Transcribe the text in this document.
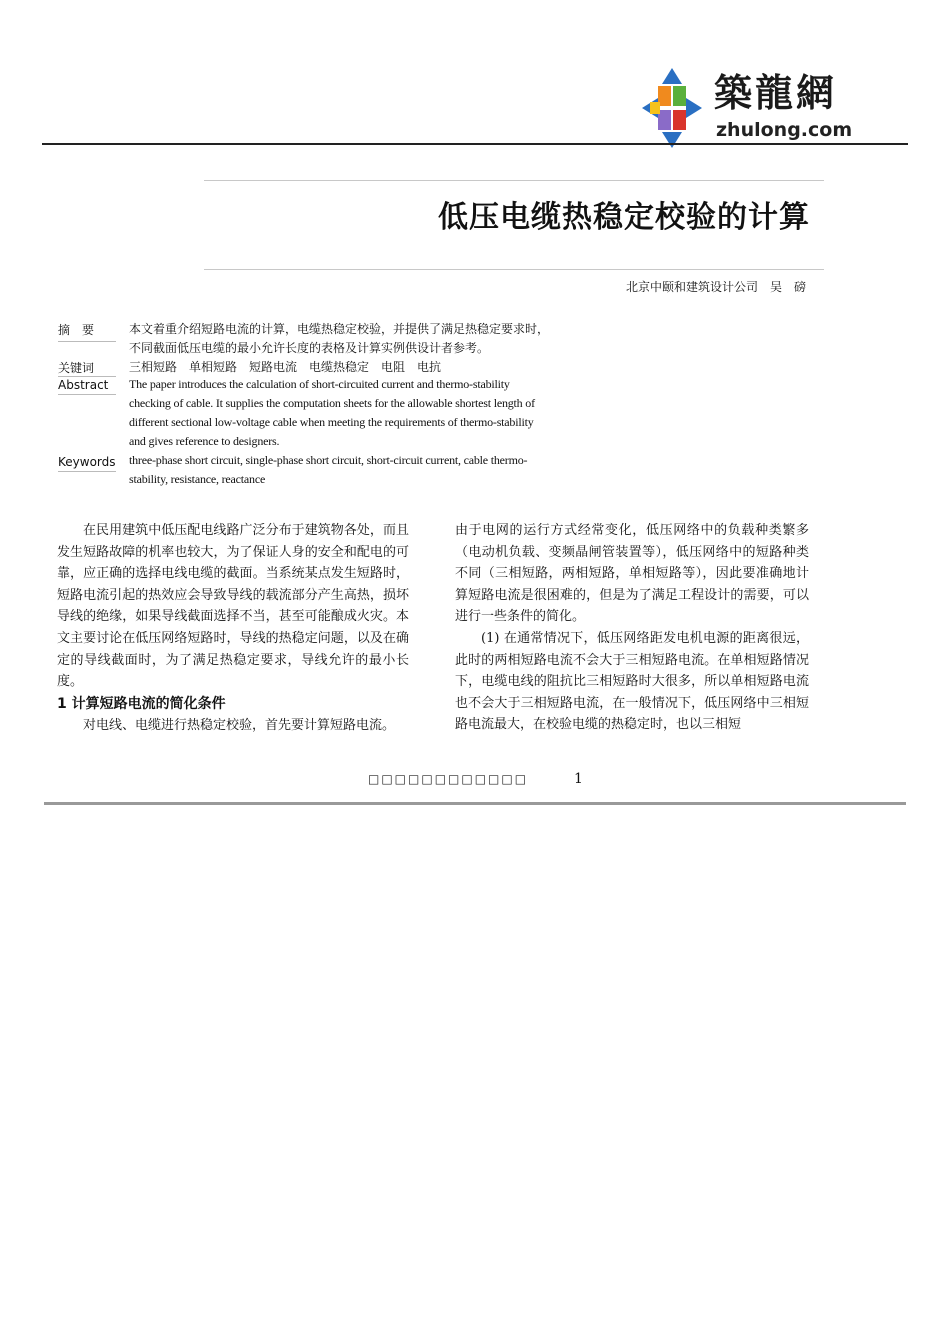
築龍網
zhulong.com
低压电缆热稳定校验的计算
北京中颐和建筑设计公司　吴　磅
摘　要	本文着重介绍短路电流的计算，电缆热稳定校验，并提供了满足热稳定要求时，不同截面低压电缆的最小允许长度的表格及计算实例供设计者参考。
关键词	三相短路　单相短路　短路电流　电缆热稳定　电阻　电抗
Abstract	The paper introduces the calculation of short-circuited current and thermo-stability checking of cable. It supplies the computation sheets for the allowable shortest length of different sectional low-voltage cable when meeting the requirements of thermo-stability and gives reference to designers.
Keywords three-phase short circuit, single-phase short circuit, short-circuit current, cable thermo-stability, resistance, reactance

在民用建筑中低压配电线路广泛分布于建筑物各处，而且发生短路故障的机率也较大，为了保证人身的安全和配电的可靠，应正确的选择电线电缆的截面。当系统某点发生短路时，短路电流引起的热效应会导致导线的载流部分产生高热，损坏导线的绝缘，如果导线截面选择不当，甚至可能酿成火灾。本文主要讨论在低压网络短路时，导线的热稳定问题，以及在确定的导线截面时，为了满足热稳定要求，导线允许的最小长度。

1 计算短路电流的简化条件

对电线、电缆进行热稳定校验，首先要计算短路电流。

由于电网的运行方式经常变化，低压网络中的负载种类繁多（电动机负载、变频晶闸管装置等），低压网络中的短路种类不同（三相短路，两相短路，单相短路等），因此要准确地计算短路电流是很困难的，但是为了满足工程设计的需要，可以进行一些条件的简化。

(1) 在通常情况下，低压网络距发电机电源的距离很远，此时的两相短路电流不会大于三相短路电流。在单相短路情况下，电缆电线的阻抗比三相短路时大很多，所以单相短路电流也不会大于三相短路电流，在一般情况下，低压网络中三相短路电流最大，在校验电缆的热稳定时，也以三相短

□□□□□□□□□□□□	1
